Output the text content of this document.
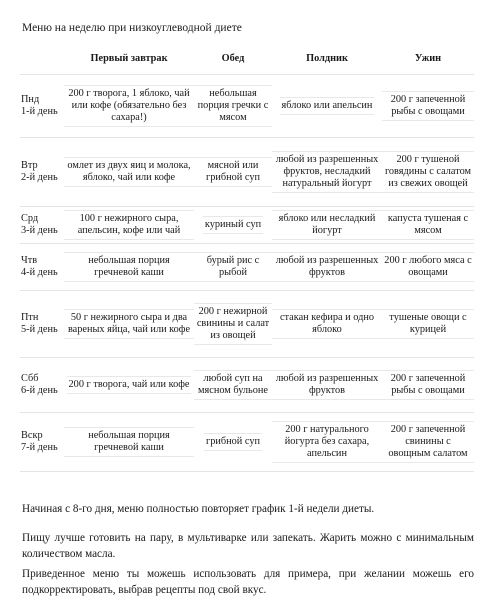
Меню на неделю при низкоуглеводной диете
	Первый завтрак	Обед	Полдник	Ужин

Пнд
1-й день	200 г творога, 1 яблоко, чай или кофе (обязательно без сахара!)	небольшая порция гречки с мясом	яблоко или апельсин	200 г запеченной рыбы с овощами

Втр
2-й день	омлет из двух яиц и молока, яблоко, чай или кофе	мясной или грибной суп	любой из разрешенных фруктов, несладкий натуральный йогурт	200 г тушеной говядины с салатом из свежих овощей

Срд
3-й день	100 г нежирного сыра, апельсин, кофе или чай	куриный суп	яблоко или несладкий йогурт	капуста тушеная с мясом

Чтв
4-й день	небольшая порция гречневой каши	бурый рис с рыбой	любой из разрешенных фруктов	200 г любого мяса с овощами

Птн
5-й день	50 г нежирного сыра и два вареных яйца, чай или кофе	200 г нежирной свинины и салат из овощей	стакан кефира и одно яблоко	тушеные овощи с курицей

Сбб
6-й день	200 г творога, чай или кофе	любой суп на мясном бульоне	любой из разрешенных фруктов	200 г запеченной рыбы с овощами

Вскр
7-й день	небольшая порция гречневой каши	грибной суп	200 г натурального йогурта без сахара, апельсин	200 г запеченной свинины с овощным салатом

Начиная с 8-го дня, меню полностью повторяет график 1-й недели диеты.

Пищу лучше готовить на пару, в мультиварке или запекать. Жарить можно с минимальным количеством масла.

Приведенное меню ты можешь использовать для примера, при желании можешь его подкорректировать, выбрав рецепты под свой вкус.
